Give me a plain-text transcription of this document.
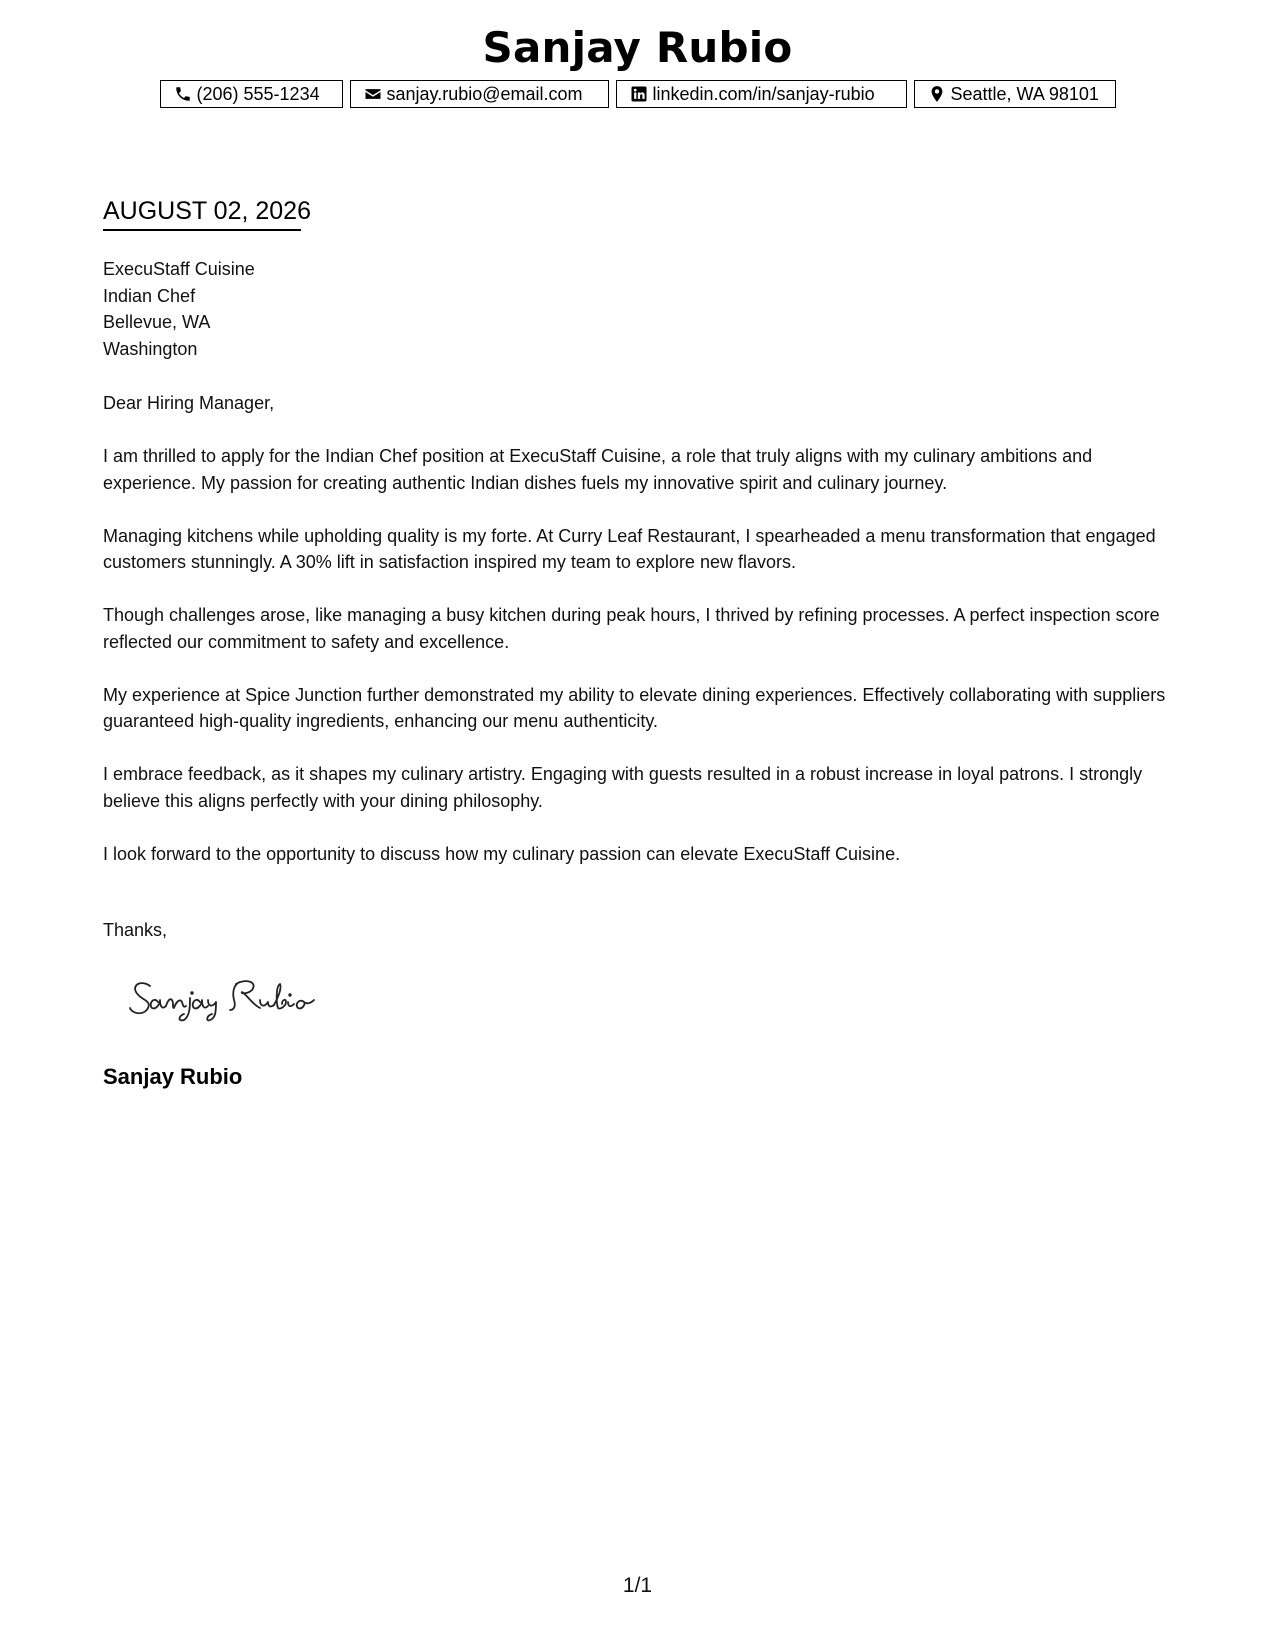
Sanjay Rubio
(206) 555-1234	sanjay.rubio@email.com	linkedin.com/in/sanjay-rubio	Seattle, WA 98101
AUGUST 02, 2026
ExecuStaff Cuisine
Indian Chef
Bellevue, WA
Washington

Dear Hiring Manager,

I am thrilled to apply for the Indian Chef position at ExecuStaff Cuisine, a role that truly aligns with my culinary ambitions and experience. My passion for creating authentic Indian dishes fuels my innovative spirit and culinary journey.

Managing kitchens while upholding quality is my forte. At Curry Leaf Restaurant, I spearheaded a menu transformation that engaged customers stunningly. A 30% lift in satisfaction inspired my team to explore new flavors.

Though challenges arose, like managing a busy kitchen during peak hours, I thrived by refining processes. A perfect inspection score reflected our commitment to safety and excellence.

My experience at Spice Junction further demonstrated my ability to elevate dining experiences. Effectively collaborating with suppliers guaranteed high-quality ingredients, enhancing our menu authenticity.

I embrace feedback, as it shapes my culinary artistry. Engaging with guests resulted in a robust increase in loyal patrons. I strongly believe this aligns perfectly with your dining philosophy.

I look forward to the opportunity to discuss how my culinary passion can elevate ExecuStaff Cuisine.

Thanks,
Sanjay Rubio
1/1
